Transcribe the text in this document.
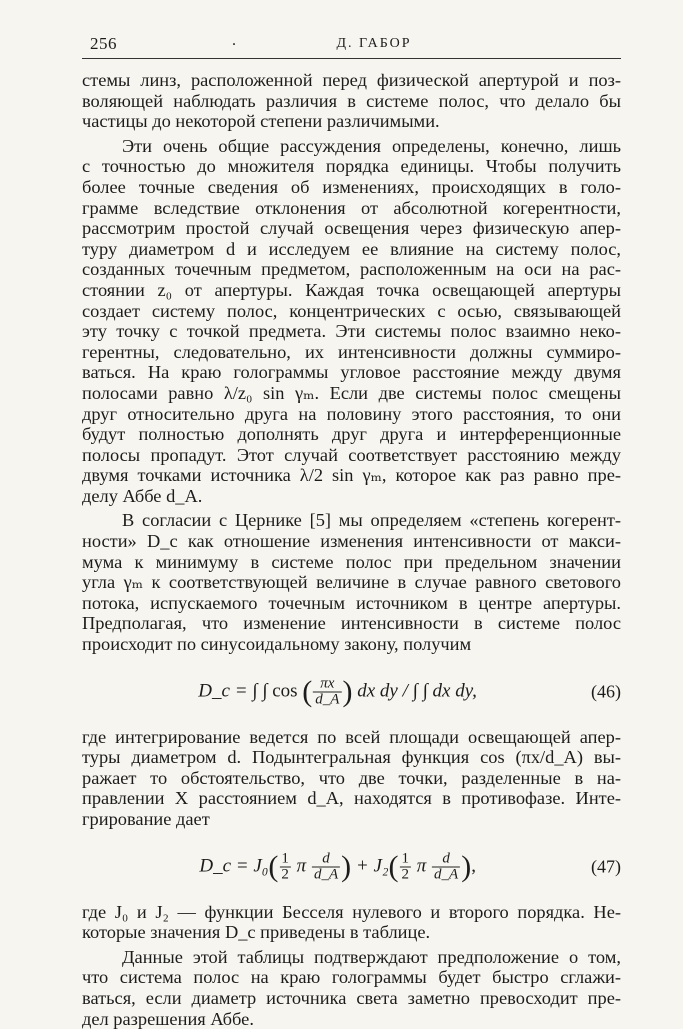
256	.	Д. ГАБОР
стемы линз, расположенной перед физической апертурой и поз-
воляющей наблюдать различия в системе полос, что делало бы
частицы до некоторой степени различимыми.
Эти очень общие рассуждения определены, конечно, лишь
с точностью до множителя порядка единицы. Чтобы получить
более точные сведения об изменениях, происходящих в голо-
грамме вследствие отклонения от абсолютной когерентности,
рассмотрим простой случай освещения через физическую апер-
туру диаметром d и исследуем ее влияние на систему полос,
созданных точечным предметом, расположенным на оси на рас-
стоянии z₀ от апертуры. Каждая точка освещающей апертуры
создает систему полос, концентрических с осью, связывающей
эту точку с точкой предмета. Эти системы полос взаимно неко-
герентны, следовательно, их интенсивности должны суммиро-
ваться. На краю голограммы угловое расстояние между двумя
полосами равно λ/z₀ sin γₘ. Если две системы полос смещены
друг относительно друга на половину этого расстояния, то они
будут полностью дополнять друг друга и интерференционные
полосы пропадут. Этот случай соответствует расстоянию между
двумя точками источника λ/2 sin γₘ, которое как раз равно пре-
делу Аббе d_A.
В согласии с Цернике [5] мы определяем «степень когерент-
ности» D_c как отношение изменения интенсивности от макси-
мума к минимуму в системе полос при предельном значении
угла γₘ к соответствующей величине в случае равного светового
потока, испускаемого точечным источником в центре апертуры.
Предполагая, что изменение интенсивности в системе полос
происходит по синусоидальному закону, получим
D_c = ∫ ∫ cos ( $\frac{\pi x}{d\_A}$ ) dx dy / ∫ ∫ dx dy,	(46)
где интегрирование ведется по всей площади освещающей апер-
туры диаметром d. Подынтегральная функция cos (πx/d_A) вы-
ражает то обстоятельство, что две точки, разделенные в на-
правлении X расстоянием d_A, находятся в противофазе. Инте-
грирование дает
D_c = $J_0( \frac{1}{2}$ π $\frac{d}{d\_A}$ ) + $J_2( \frac{1}{2}$ π $\frac{d}{d\_A}$ ),	(47)
где J₀ и J₂ — функции Бесселя нулевого и второго порядка. Не-
которые значения D_c приведены в таблице.
Данные этой таблицы подтверждают предположение о том,
что система полос на краю голограммы будет быстро сглажи-
ваться, если диаметр источника света заметно превосходит пре-
дел разрешения Аббе.
